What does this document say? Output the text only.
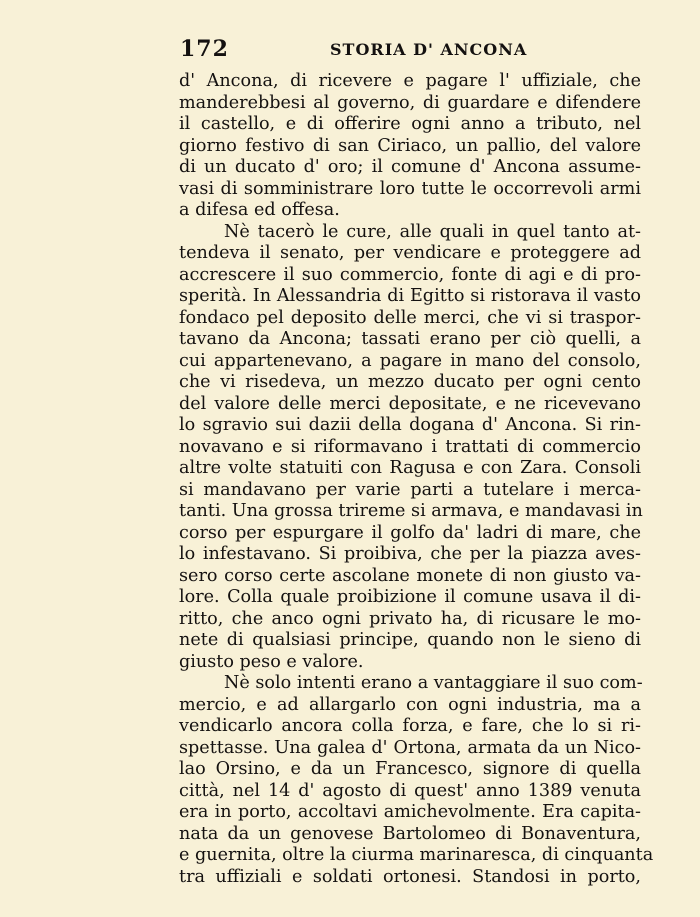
172	STORIA D' ANCONA
d' Ancona, di ricevere e pagare l' uffiziale, che
manderebbesi al governo, di guardare e difendere
il castello, e di offerire ogni anno a tributo, nel
giorno festivo di san Ciriaco, un pallio, del valore
di un ducato d' oro; il comune d' Ancona assume-
vasi di somministrare loro tutte le occorrevoli armi
a difesa ed offesa.
Nè tacerò le cure, alle quali in quel tanto at-
tendeva il senato, per vendicare e proteggere ad
accrescere il suo commercio, fonte di agi e di pro-
sperità. In Alessandria di Egitto si ristorava il vasto
fondaco pel deposito delle merci, che vi si traspor-
tavano da Ancona; tassati erano per ciò quelli, a
cui appartenevano, a pagare in mano del consolo,
che vi risedeva, un mezzo ducato per ogni cento
del valore delle merci depositate, e ne ricevevano
lo sgravio sui dazii della dogana d' Ancona. Si rin-
novavano e si riformavano i trattati di commercio
altre volte statuiti con Ragusa e con Zara. Consoli
si mandavano per varie parti a tutelare i merca-
tanti. Una grossa trireme si armava, e mandavasi in
corso per espurgare il golfo da' ladri di mare, che
lo infestavano. Si proibiva, che per la piazza aves-
sero corso certe ascolane monete di non giusto va-
lore. Colla quale proibizione il comune usava il di-
ritto, che anco ogni privato ha, di ricusare le mo-
nete di qualsiasi principe, quando non le sieno di
giusto peso e valore.
Nè solo intenti erano a vantaggiare il suo com-
mercio, e ad allargarlo con ogni industria, ma a
vendicarlo ancora colla forza, e fare, che lo si ri-
spettasse. Una galea d' Ortona, armata da un Nico-
lao Orsino, e da un Francesco, signore di quella
città, nel 14 d' agosto di quest' anno 1389 venuta
era in porto, accoltavi amichevolmente. Era capita-
nata da un genovese Bartolomeo di Bonaventura,
e guernita, oltre la ciurma marinaresca, di cinquanta
tra uffiziali e soldati ortonesi. Standosi in porto,
